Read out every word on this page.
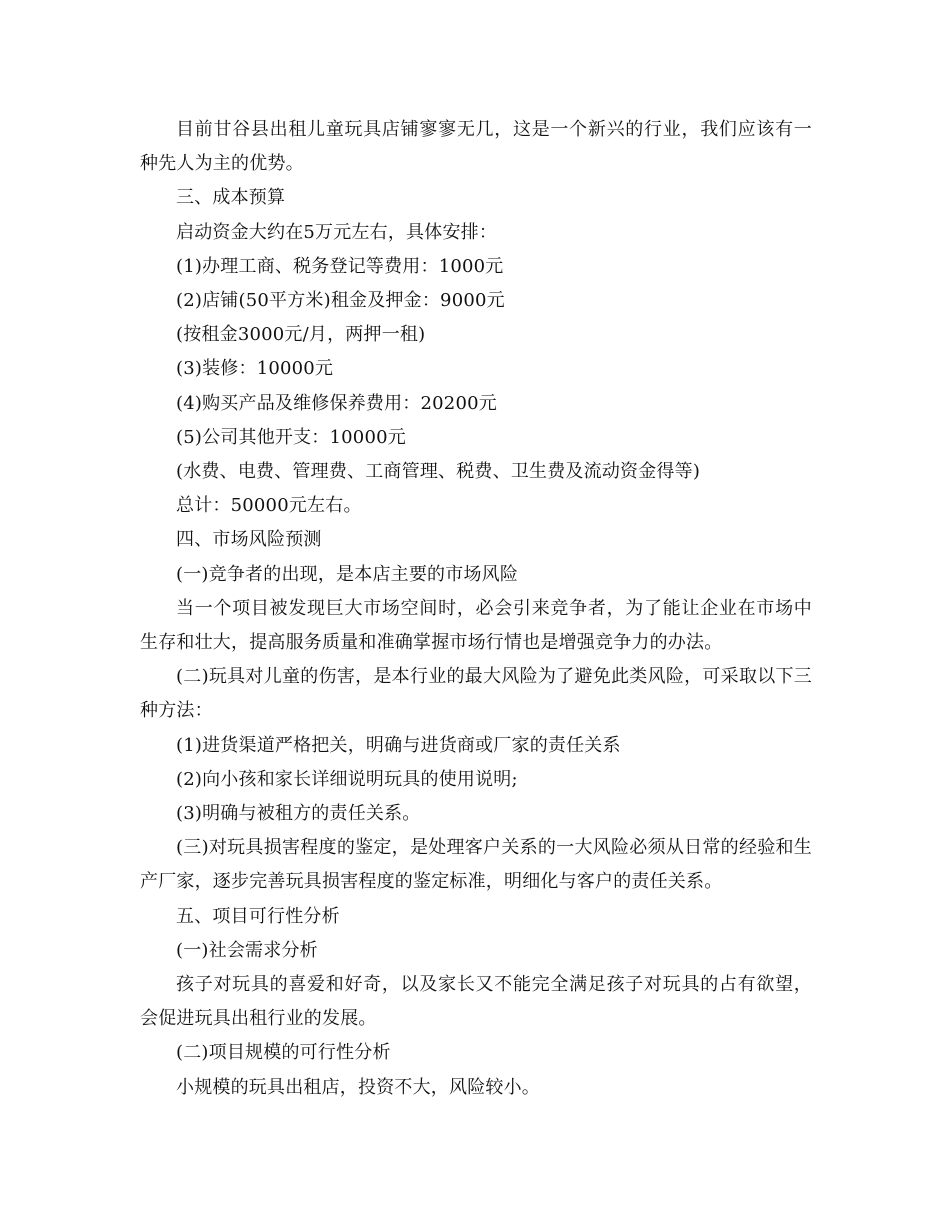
目前甘谷县出租儿童玩具店铺寥寥无几，这是一个新兴的行业，我们应该有一种先人为主的优势。

三、成本预算

启动资金大约在5万元左右，具体安排：

(1)办理工商、税务登记等费用：1000元

(2)店铺(50平方米)租金及押金：9000元

(按租金3000元/月，两押一租)

(3)装修：10000元

(4)购买产品及维修保养费用：20200元

(5)公司其他开支：10000元

(水费、电费、管理费、工商管理、税费、卫生费及流动资金得等)

总计：50000元左右。

四、市场风险预测

(一)竞争者的出现，是本店主要的市场风险

当一个项目被发现巨大市场空间时，必会引来竞争者，为了能让企业在市场中生存和壮大，提高服务质量和准确掌握市场行情也是增强竞争力的办法。

(二)玩具对儿童的伤害，是本行业的最大风险为了避免此类风险，可采取以下三种方法：

(1)进货渠道严格把关，明确与进货商或厂家的责任关系

(2)向小孩和家长详细说明玩具的使用说明;

(3)明确与被租方的责任关系。

(三)对玩具损害程度的鉴定，是处理客户关系的一大风险必须从日常的经验和生产厂家，逐步完善玩具损害程度的鉴定标准，明细化与客户的责任关系。

五、项目可行性分析

(一)社会需求分析

孩子对玩具的喜爱和好奇，以及家长又不能完全满足孩子对玩具的占有欲望，会促进玩具出租行业的发展。

(二)项目规模的可行性分析

小规模的玩具出租店，投资不大，风险较小。
